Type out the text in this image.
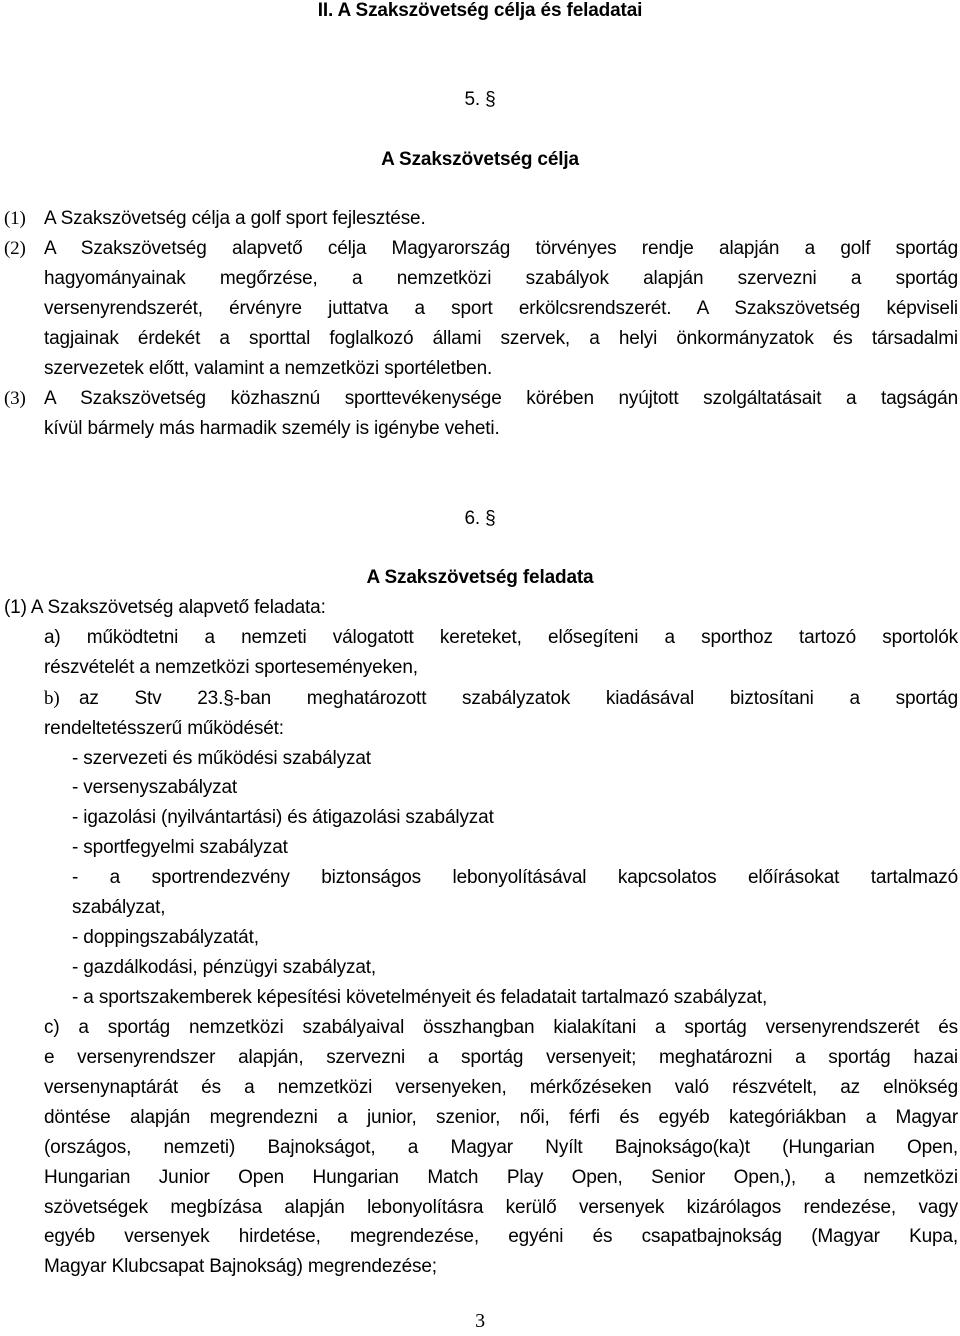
II. A Szakszövetség célja és feladatai
5. §
A Szakszövetség célja
(1) A Szakszövetség célja a golf sport fejlesztése.
(2) A Szakszövetség alapvető célja Magyarország törvényes rendje alapján a golf sportág
hagyományainak megőrzése, a nemzetközi szabályok alapján szervezni a sportág
versenyrendszerét, érvényre juttatva a sport erkölcsrendszerét. A Szakszövetség képviseli
tagjainak érdekét a sporttal foglalkozó állami szervek, a helyi önkormányzatok és társadalmi
szervezetek előtt, valamint a nemzetközi sportéletben.
(3) A Szakszövetség közhasznú sporttevékenysége körében nyújtott szolgáltatásait a tagságán
kívül bármely más harmadik személy is igénybe veheti.
6. §
A Szakszövetség feladata
(1) A Szakszövetség alapvető feladata:
a) működtetni a nemzeti válogatott kereteket, elősegíteni a sporthoz tartozó sportolók
részvételét a nemzetközi sporteseményeken,
b)	az Stv 23.§-ban meghatározott szabályzatok kiadásával biztosítani a sportág
rendeltetésszerű működését:
- szervezeti és működési szabályzat
- versenyszabályzat
- igazolási (nyilvántartási) és átigazolási szabályzat
- sportfegyelmi szabályzat
- a sportrendezvény biztonságos lebonyolításával kapcsolatos előírásokat tartalmazó
szabályzat,
- doppingszabályzatát,
- gazdálkodási, pénzügyi szabályzat,
- a sportszakemberek képesítési követelményeit és feladatait tartalmazó szabályzat,
c) a sportág nemzetközi szabályaival összhangban kialakítani a sportág versenyrendszerét és
e versenyrendszer alapján, szervezni a sportág versenyeit; meghatározni a sportág hazai
versenynaptárát és a nemzetközi versenyeken, mérkőzéseken való részvételt, az elnökség
döntése alapján megrendezni a junior, szenior, női, férfi és egyéb kategóriákban a Magyar
(országos, nemzeti) Bajnokságot, a Magyar Nyílt Bajnokságo(ka)t (Hungarian Open,
Hungarian Junior Open Hungarian Match Play Open, Senior Open,), a nemzetközi
szövetségek megbízása alapján lebonyolításra kerülő versenyek kizárólagos rendezése, vagy
egyéb versenyek hirdetése, megrendezése, egyéni és csapatbajnokság (Magyar Kupa,
Magyar Klubcsapat Bajnokság) megrendezése;
3
